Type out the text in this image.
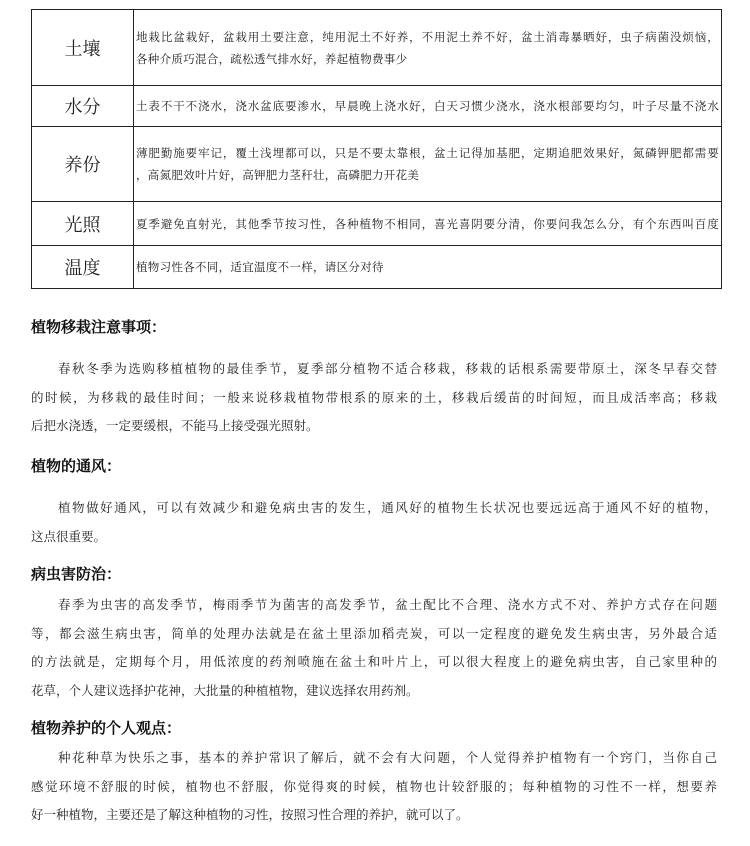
土壤	地栽比盆栽好，盆栽用土要注意，纯用泥土不好养，不用泥土养不好，盆土消毒暴晒好，虫子病菌没烦恼，
各种介质巧混合，疏松透气排水好，养起植物费事少

水分	土表不干不浇水，浇水盆底要渗水，早晨晚上浇水好，白天习惯少浇水，浇水根部要均匀，叶子尽量不浇水

养份	薄肥勤施要牢记，覆土浅埋都可以，只是不要太靠根，盆土记得加基肥，定期追肥效果好，氮磷钾肥都需要
，高氮肥效叶片好，高钾肥力茎秆壮，高磷肥力开花美

光照	夏季避免直射光，其他季节按习性，各种植物不相同，喜光喜阴要分清，你要问我怎么分，有个东西叫百度

温度	植物习性各不同，适宜温度不一样，请区分对待
植物移栽注意事项：
春秋冬季为选购移植植物的最佳季节，夏季部分植物不适合移栽，移栽的话根系需要带原土，深冬早春交替
的时候，为移栽的最佳时间；一般来说移栽植物带根系的原来的土，移栽后缓苗的时间短，而且成活率高；移栽
后把水浇透，一定要缓根，不能马上接受强光照射。
植物的通风：
植物做好通风，可以有效减少和避免病虫害的发生，通风好的植物生长状况也要远远高于通风不好的植物，
这点很重要。
病虫害防治：
春季为虫害的高发季节，梅雨季节为菌害的高发季节，盆土配比不合理、浇水方式不对、养护方式存在问题
等，都会滋生病虫害，简单的处理办法就是在盆土里添加稻壳炭，可以一定程度的避免发生病虫害，另外最合适
的方法就是，定期每个月，用低浓度的药剂喷施在盆土和叶片上，可以很大程度上的避免病虫害，自己家里种的
花草，个人建议选择护花神，大批量的种植植物，建议选择农用药剂。
植物养护的个人观点：
种花种草为快乐之事，基本的养护常识了解后，就不会有大问题，个人觉得养护植物有一个窍门，当你自己
感觉环境不舒服的时候，植物也不舒服，你觉得爽的时候，植物也计较舒服的；每种植物的习性不一样，想要养
好一种植物，主要还是了解这种植物的习性，按照习性合理的养护，就可以了。
